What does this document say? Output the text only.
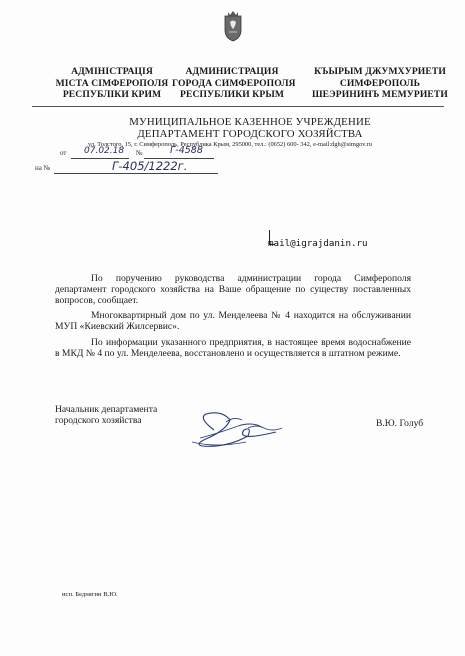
АДМІНІСТРАЦІЯ
МІСТА СІМФЕРОПОЛЯ
РЕСПУБЛІКИ КРИМ
АДМИНИСТРАЦИЯ
ГОРОДА СИМФЕРОПОЛЯ
РЕСПУБЛИКИ КРЫМ
КЪЫРЫМ ДЖУМХУРИЕТИ
СИМФЕРОПОЛЬ
ШЕЭРИНИНЪ МЕМУРИЕТИ
МУНИЦИПАЛЬНОЕ КАЗЕННОЕ УЧРЕЖДЕНИЕ
ДЕПАРТАМЕНТ ГОРОДСКОГО ХОЗЯЙСТВА
ул. Толстого, 15, г. Симферополь, Республика Крым, 295000, тел.: (0652) 600- 342, e-mail:dgh@simgov.ru
от 07.02.18 №	Г-4588
на №	Г-405/1222г.
mail@igrajdanin.ru

По поручению руководства администрации города Симферополя департамент городского хозяйства на Ваше обращение по существу поставленных вопросов, сообщает.

Многоквартирный дом по ул. Менделеева № 4 находится на обслуживании МУП «Киевский Жилсервис».

По информации указанного предприятия, в настоящее время водоснабжение в МКД № 4 по ул. Менделеева, восстановлено и осуществляется в штатном режиме.

Начальник департамента
городского хозяйства	В.Ю. Голуб
исп. Беднягин В.Ю.
